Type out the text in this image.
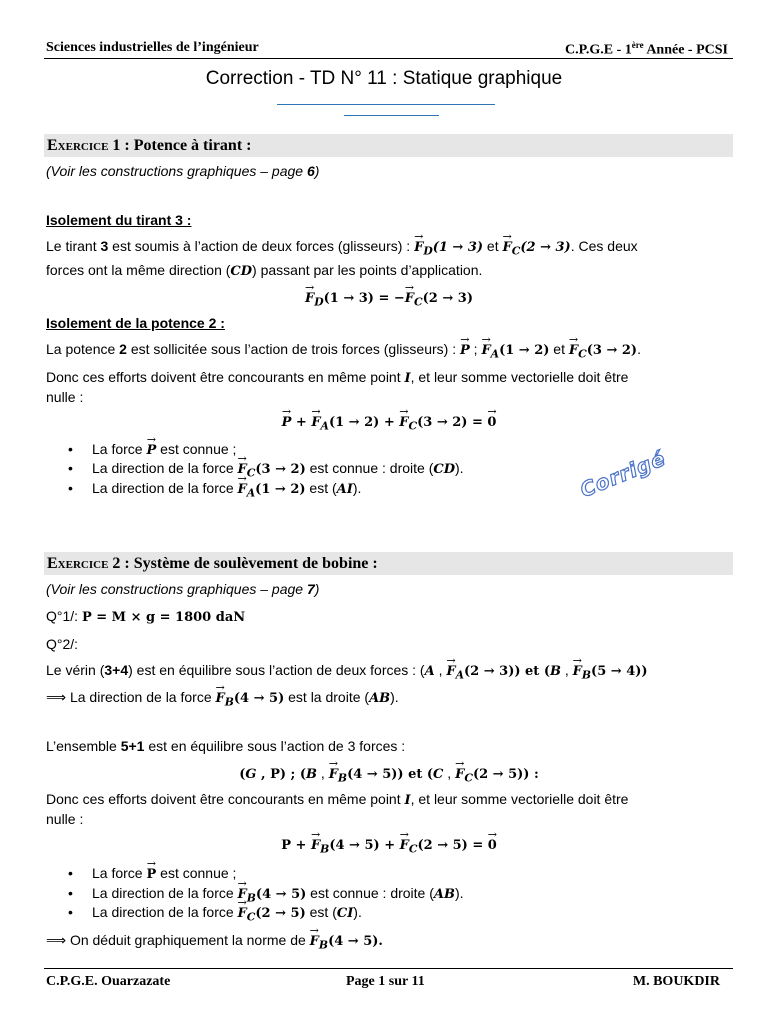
Sciences industrielles de l’ingénieur	C.P.G.E - 1ère Année - PCSI
Correction - TD N° 11 : Statique graphique
Exercice 1 : Potence à tirant :
(Voir les constructions graphiques – page 6)
Isolement du tirant 3 :
Le tirant 3 est soumis à l’action de deux forces (glisseurs) : → $F_D(1 \to 3)$ et → $F_C(2 \to 3)$. Ces deux
forces ont la même direction (CD) passant par les points d’application.
→ $F_D(1 \to 3)$ = −→ $F_C(2 \to 3)$
Isolement de la potence 2 :
La potence 2 est sollicitée sous l’action de trois forces (glisseurs) : → P ; → $F_A(1 \to 2)$ et → $F_C(3 \to 2)$.
Donc ces efforts doivent être concourants en même point I, et leur somme vectorielle doit être
nulle :
→ P + → $F_A(1 \to 2)$ + → $F_C(3 \to 2)$ = → 0
• La force → P est connue ;
• La direction de la force → $F_C(3 \to 2)$ est connue : droite (CD).
• La direction de la force → $F_A(1 \to 2)$ est (AI).	Corrigé
Exercice 2 : Système de soulèvement de bobine :
(Voir les constructions graphiques – page 7)
Q°1/: P = M × g = 1800 daN
Q°2/:
Le vérin (3+4) est en équilibre sous l’action de deux forces : (A , → $F_A(2 \to 3)$) et (B , → $F_B(5 \to 4)$)
⟹ La direction de la force → $F_B(4 \to 5)$ est la droite (AB).
L’ensemble 5+1 est en équilibre sous l’action de 3 forces :
(G , P) ; (B , → $F_B(4 \to 5)$) et (C , → $F_C(2 \to 5)$) :
Donc ces efforts doivent être concourants en même point I, et leur somme vectorielle doit être
nulle :
P + → $F_B(4 \to 5)$ + → $F_C(2 \to 5)$ = → 0
• La force → P est connue ;
• La direction de la force → $F_B(4 \to 5)$ est connue : droite (AB).
• La direction de la force → $F_C(2 \to 5)$ est (CI).
⟹ On déduit graphiquement la norme de → $F_B(4 \to 5)$.
C.P.G.E. Ouarzazate	Page 1 sur 11	M. BOUKDIR
